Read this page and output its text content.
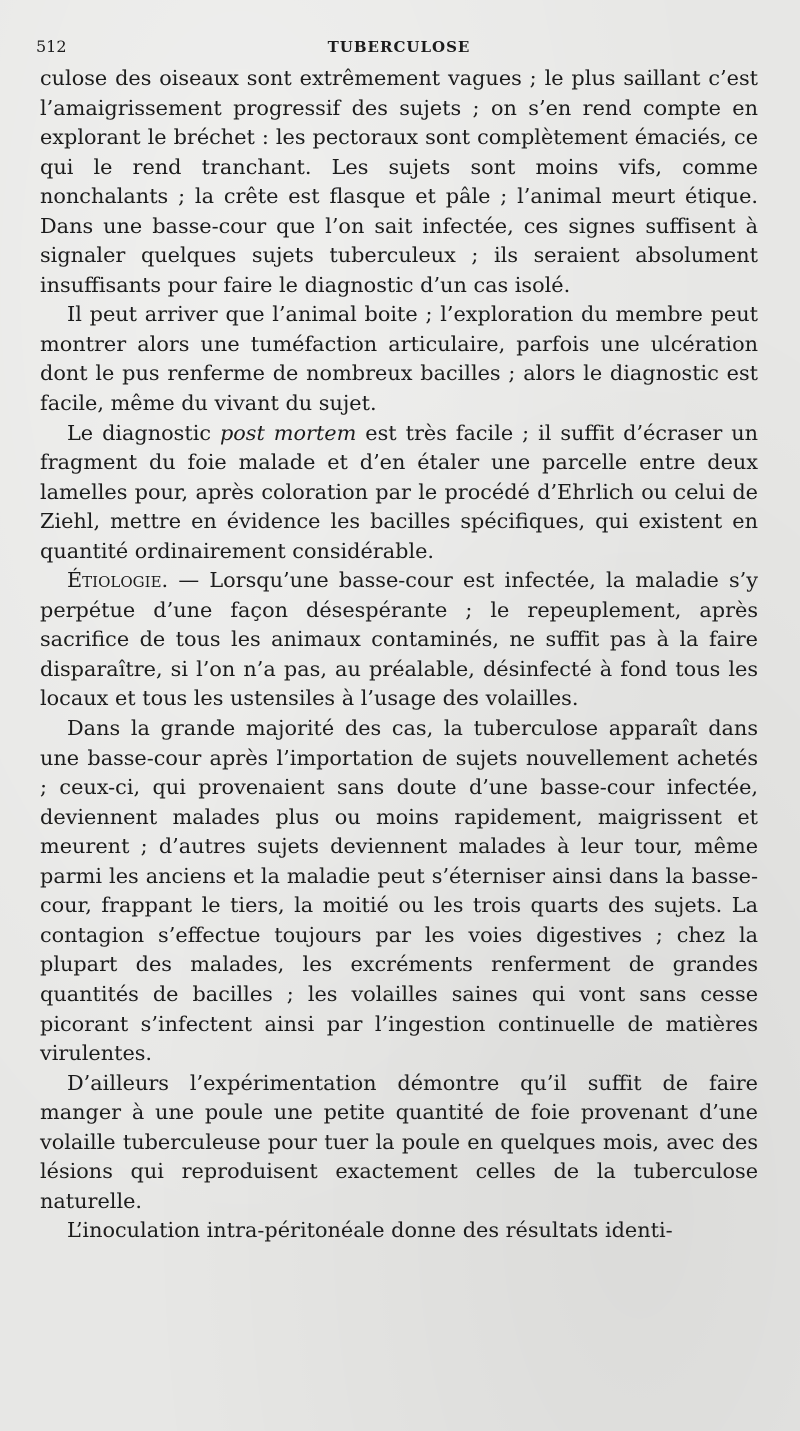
512	TUBERCULOSE

culose des oiseaux sont extrêmement vagues ; le plus saillant c’est l’amaigrissement progressif des sujets ; on s’en rend compte en explorant le bréchet : les pectoraux sont complètement émaciés, ce qui le rend tranchant. Les sujets sont moins vifs, comme nonchalants ; la crête est flasque et pâle ; l’animal meurt étique. Dans une basse-cour que l’on sait infectée, ces signes suffisent à signaler quelques sujets tuberculeux ; ils seraient absolument insuffisants pour faire le diagnostic d’un cas isolé.

Il peut arriver que l’animal boite ; l’exploration du membre peut montrer alors une tuméfaction articulaire, parfois une ulcération dont le pus renferme de nombreux bacilles ; alors le diagnostic est facile, même du vivant du sujet.

Le diagnostic post mortem est très facile ; il suffit d’écraser un fragment du foie malade et d’en étaler une parcelle entre deux lamelles pour, après coloration par le procédé d’Ehrlich ou celui de Ziehl, mettre en évidence les bacilles spécifiques, qui existent en quantité ordinairement considérable.

Étiologie. — Lorsqu’une basse-cour est infectée, la maladie s’y perpétue d’une façon désespérante ; le repeuplement, après sacrifice de tous les animaux contaminés, ne suffit pas à la faire disparaître, si l’on n’a pas, au préalable, désinfecté à fond tous les locaux et tous les ustensiles à l’usage des volailles.

Dans la grande majorité des cas, la tuberculose apparaît dans une basse-cour après l’importation de sujets nouvellement achetés ; ceux-ci, qui provenaient sans doute d’une basse-cour infectée, deviennent malades plus ou moins rapidement, maigrissent et meurent ; d’autres sujets deviennent malades à leur tour, même parmi les anciens et la maladie peut s’éterniser ainsi dans la basse-cour, frappant le tiers, la moitié ou les trois quarts des sujets. La contagion s’effectue toujours par les voies digestives ; chez la plupart des malades, les excréments renferment de grandes quantités de bacilles ; les volailles saines qui vont sans cesse picorant s’infectent ainsi par l’ingestion continuelle de matières virulentes.

D’ailleurs l’expérimentation démontre qu’il suffit de faire manger à une poule une petite quantité de foie provenant d’une volaille tuberculeuse pour tuer la poule en quelques mois, avec des lésions qui reproduisent exactement celles de la tuberculose naturelle.

L’inoculation intra-péritonéale donne des résultats identi-
